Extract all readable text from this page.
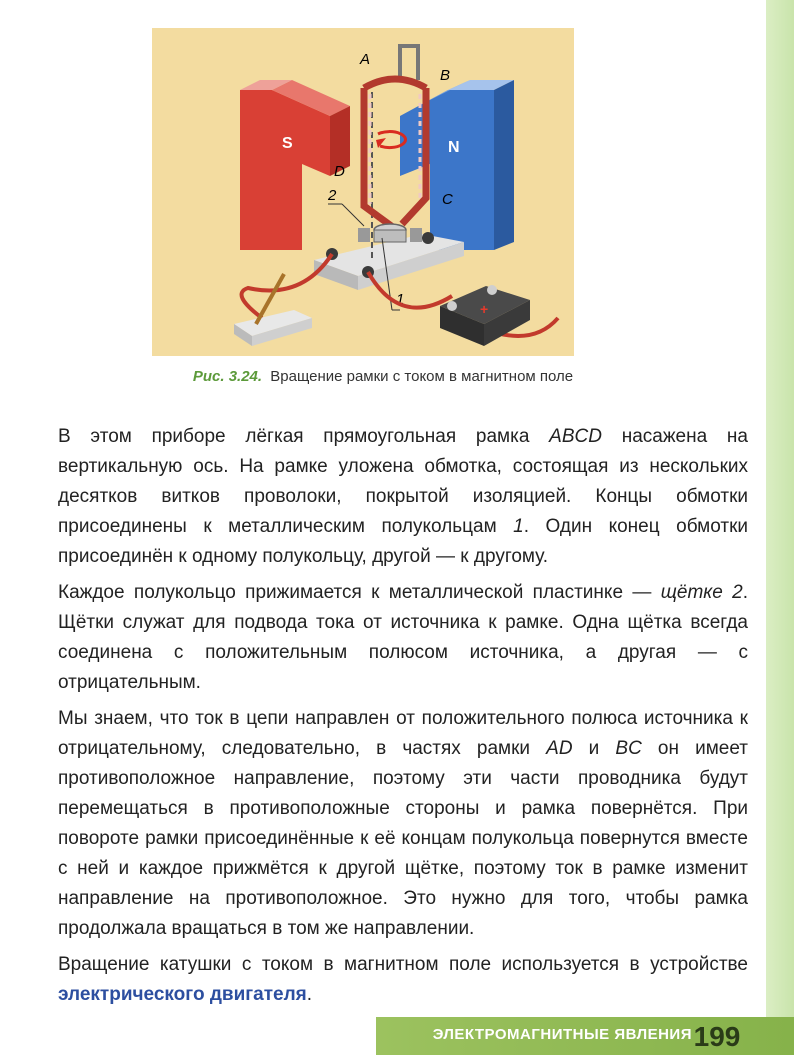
S	N
A
B
C
D
2
1
+
Рис. 3.24. Вращение рамки с током в магнитном поле

В этом приборе лёгкая прямоугольная рамка ABCD насажена на вертикальную ось. На рамке уложена обмотка, состоящая из нескольких десятков витков проволоки, покрытой изоляцией. Концы обмотки присоединены к металлическим полукольцам 1. Один конец обмотки присоединён к одному полукольцу, другой — к другому.

Каждое полукольцо прижимается к металлической пластинке — щётке 2. Щётки служат для подвода тока от источника к рамке. Одна щётка всегда соединена с положительным полюсом источника, а другая — с отрицательным.

Мы знаем, что ток в цепи направлен от положительного полюса источника к отрицательному, следовательно, в частях рамки AD и BC он имеет противоположное направление, поэтому эти части проводника будут перемещаться в противоположные стороны и рамка повернётся. При повороте рамки присоединённые к её концам полукольца повернутся вместе с ней и каждое прижмётся к другой щётке, поэтому ток в рамке изменит направление на противоположное. Это нужно для того, чтобы рамка продолжала вращаться в том же направлении.

Вращение катушки с током в магнитном поле используется в устройстве электрического двигателя.

ЭЛЕКТРОМАГНИТНЫЕ ЯВЛЕНИЯ 199
